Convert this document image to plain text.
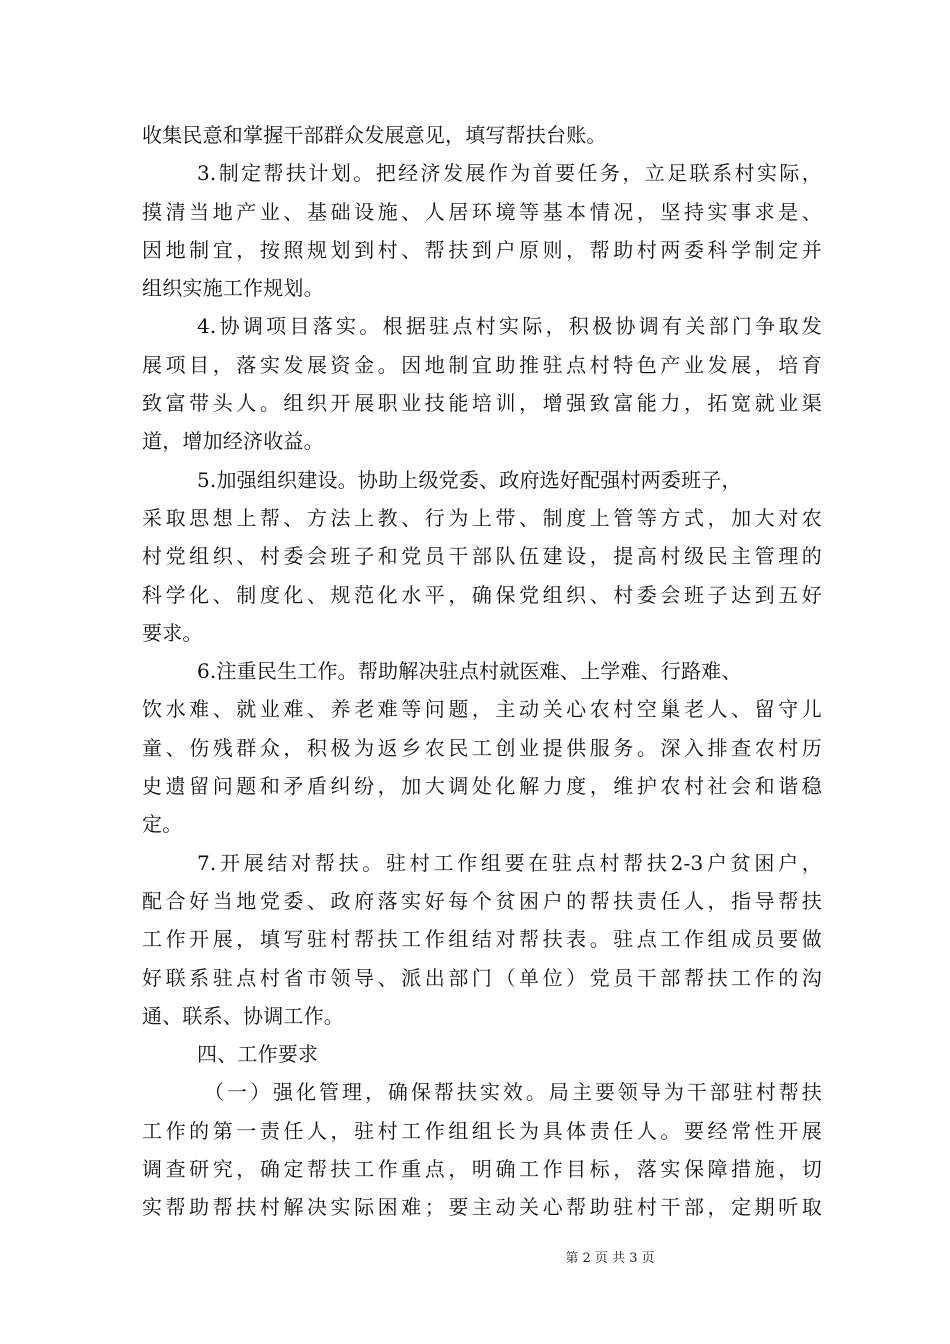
收集民意和掌握干部群众发展意见，填写帮扶台账。
3.制定帮扶计划。把经济发展作为首要任务，立足联系村实际，
摸清当地产业、基础设施、人居环境等基本情况，坚持实事求是、
因地制宜，按照规划到村、帮扶到户原则，帮助村两委科学制定并
组织实施工作规划。
4.协调项目落实。根据驻点村实际，积极协调有关部门争取发
展项目，落实发展资金。因地制宜助推驻点村特色产业发展，培育
致富带头人。组织开展职业技能培训，增强致富能力，拓宽就业渠
道，增加经济收益。
5.加强组织建设。协助上级党委、政府选好配强村两委班子，
采取思想上帮、方法上教、行为上带、制度上管等方式，加大对农
村党组织、村委会班子和党员干部队伍建设，提高村级民主管理的
科学化、制度化、规范化水平，确保党组织、村委会班子达到五好
要求。
6.注重民生工作。帮助解决驻点村就医难、上学难、行路难、
饮水难、就业难、养老难等问题，主动关心农村空巢老人、留守儿
童、伤残群众，积极为返乡农民工创业提供服务。深入排查农村历
史遗留问题和矛盾纠纷，加大调处化解力度，维护农村社会和谐稳
定。
7.开展结对帮扶。驻村工作组要在驻点村帮扶2-3户贫困户，
配合好当地党委、政府落实好每个贫困户的帮扶责任人，指导帮扶
工作开展，填写驻村帮扶工作组结对帮扶表。驻点工作组成员要做
好联系驻点村省市领导、派出部门（单位）党员干部帮扶工作的沟
通、联系、协调工作。
四、工作要求
（一）强化管理，确保帮扶实效。局主要领导为干部驻村帮扶
工作的第一责任人，驻村工作组组长为具体责任人。要经常性开展
调查研究，确定帮扶工作重点，明确工作目标，落实保障措施，切
实帮助帮扶村解决实际困难；要主动关心帮助驻村干部，定期听取
第 2 页 共 3 页
